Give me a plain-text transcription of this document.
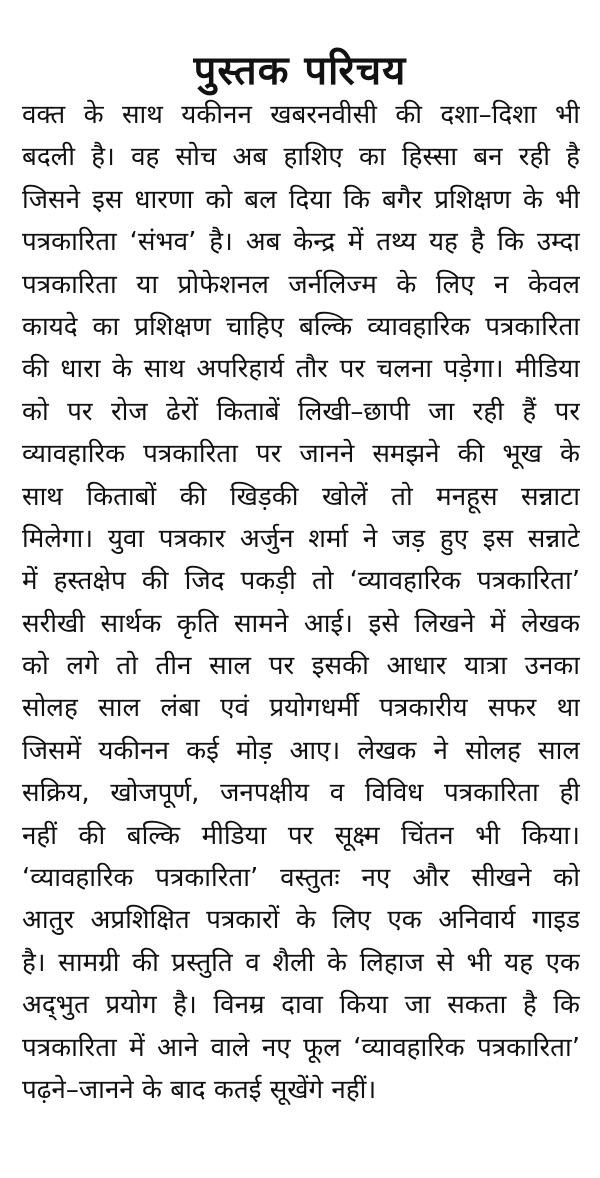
पुस्तक परिचय
वक्त के साथ यकीनन खबरनवीसी की दशा–दिशा भी
बदली है। वह सोच अब हाशिए का हिस्सा बन रही है
जिसने इस धारणा को बल दिया कि बगैर प्रशिक्षण के भी
पत्रकारिता ‘संभव’ है। अब केन्द्र में तथ्य यह है कि उम्दा
पत्रकारिता या प्रोफेशनल जर्नलिज्म के लिए न केवल
कायदे का प्रशिक्षण चाहिए बल्कि व्यावहारिक पत्रकारिता
की धारा के साथ अपरिहार्य तौर पर चलना पड़ेगा। मीडिया
को पर रोज ढेरों किताबें लिखी–छापी जा रही हैं पर
व्यावहारिक पत्रकारिता पर जानने समझने की भूख के
साथ किताबों की खिड़की खोलें तो मनहूस सन्नाटा
मिलेगा। युवा पत्रकार अर्जुन शर्मा ने जड़ हुए इस सन्नाटे
में हस्तक्षेप की जिद पकड़ी तो ‘व्यावहारिक पत्रकारिता’
सरीखी सार्थक कृति सामने आई। इसे लिखने में लेखक
को लगे तो तीन साल पर इसकी आधार यात्रा उनका
सोलह साल लंबा एवं प्रयोगधर्मी पत्रकारीय सफर था
जिसमें यकीनन कई मोड़ आए। लेखक ने सोलह साल
सक्रिय, खोजपूर्ण, जनपक्षीय व विविध पत्रकारिता ही
नहीं की बल्कि मीडिया पर सूक्ष्म चिंतन भी किया।
‘व्यावहारिक पत्रकारिता’ वस्तुतः नए और सीखने को
आतुर अप्रशिक्षित पत्रकारों के लिए एक अनिवार्य गाइड
है। सामग्री की प्रस्तुति व शैली के लिहाज से भी यह एक
अद्‌भुत प्रयोग है। विनम्र दावा किया जा सकता है कि
पत्रकारिता में आने वाले नए फूल ‘व्यावहारिक पत्रकारिता’
पढ़ने–जानने के बाद कतई सूखेंगे नहीं।
